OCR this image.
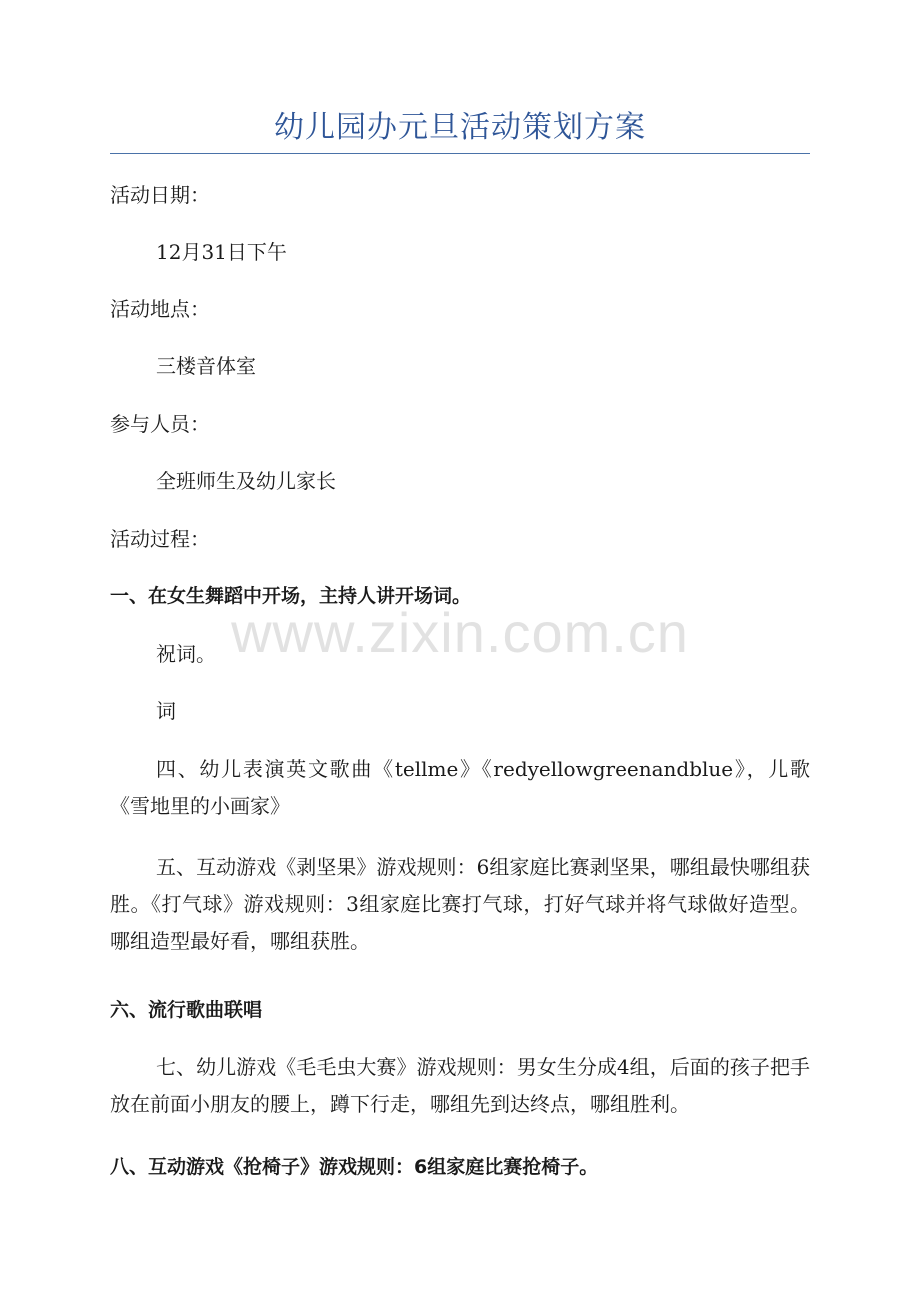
幼儿园办元旦活动策划方案
活动日期：
12月31日下午
活动地点：
三楼音体室
参与人员：
全班师生及幼儿家长
活动过程：
一、在女生舞蹈中开场，主持人讲开场词。
祝词。
词
四、幼儿表演英文歌曲《tellme》《redyellowgreenandblue》，儿歌《雪地里的小画家》
五、互动游戏《剥坚果》游戏规则：6组家庭比赛剥坚果，哪组最快哪组获胜。《打气球》游戏规则：3组家庭比赛打气球，打好气球并将气球做好造型。哪组造型最好看，哪组获胜。
六、流行歌曲联唱
七、幼儿游戏《毛毛虫大赛》游戏规则：男女生分成4组，后面的孩子把手放在前面小朋友的腰上，蹲下行走，哪组先到达终点，哪组胜利。
八、互动游戏《抢椅子》游戏规则：6组家庭比赛抢椅子。
www.zixin.com.cn
